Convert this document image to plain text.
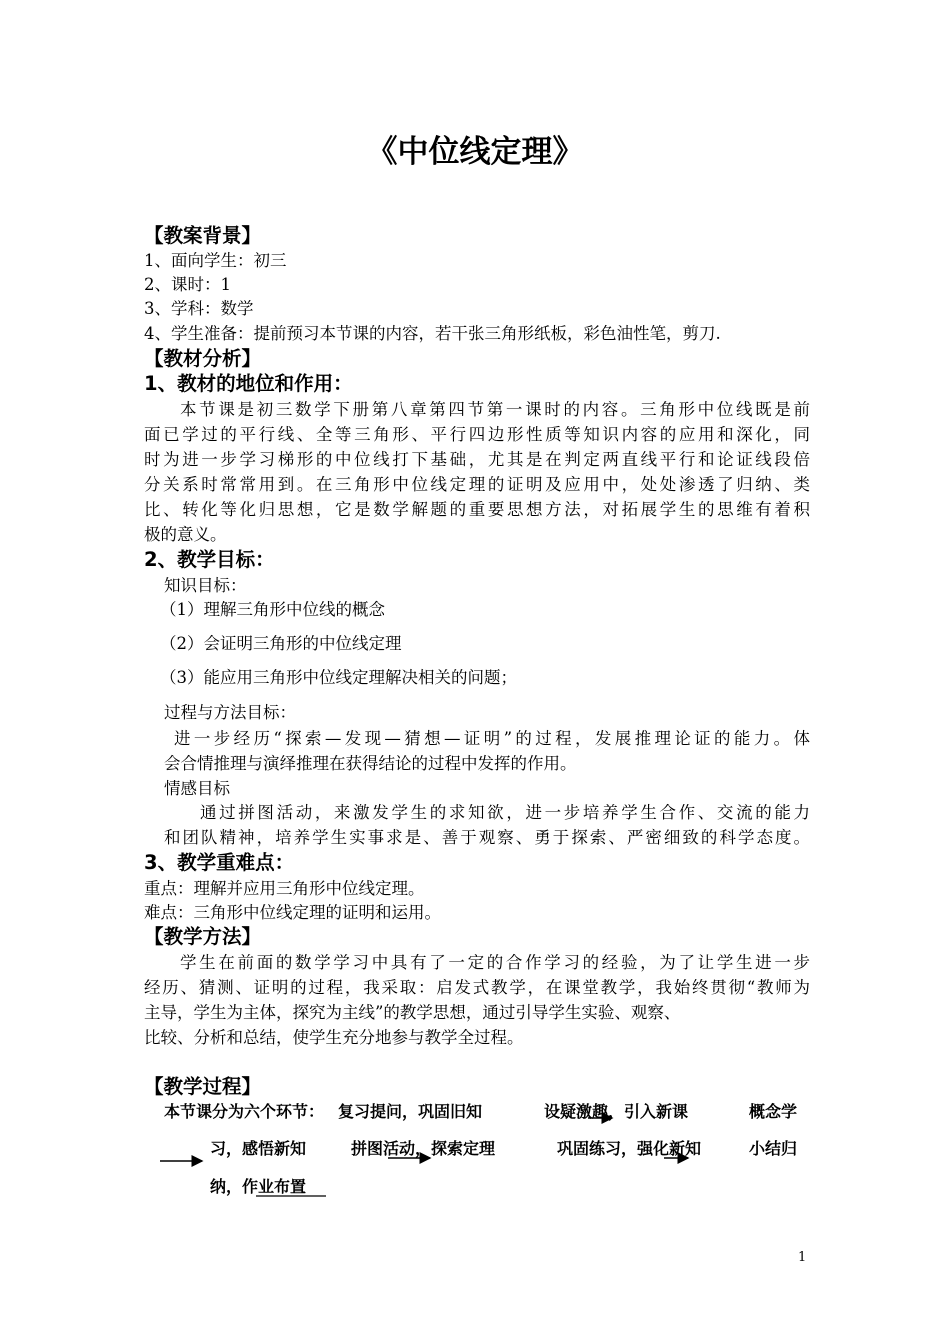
《中位线定理》
【教案背景】
1、面向学生：初三
2、课时：1
3、学科：数学
4、学生准备：提前预习本节课的内容，若干张三角形纸板，彩色油性笔，剪刀.
【教材分析】
1、教材的地位和作用：
本节课是初三数学下册第八章第四节第一课时的内容。三角形中位线既是前
面已学过的平行线、全等三角形、平行四边形性质等知识内容的应用和深化，同
时为进一步学习梯形的中位线打下基础，尤其是在判定两直线平行和论证线段倍
分关系时常常用到。在三角形中位线定理的证明及应用中，处处渗透了归纳、类
比、转化等化归思想，它是数学解题的重要思想方法，对拓展学生的思维有着积
极的意义。
2、教学目标：
知识目标：
（1）理解三角形中位线的概念
（2）会证明三角形的中位线定理
（3）能应用三角形中位线定理解决相关的问题；
过程与方法目标：
进一步经历“探索—发现—猜想—证明”的过程，发展推理论证的能力。体
会合情推理与演绎推理在获得结论的过程中发挥的作用。
情感目标
通过拼图活动，来激发学生的求知欲，进一步培养学生合作、交流的能力
和团队精神，培养学生实事求是、善于观察、勇于探索、严密细致的科学态度。
3、教学重难点：
重点：理解并应用三角形中位线定理。
难点：三角形中位线定理的证明和运用。
【教学方法】
学生在前面的数学学习中具有了一定的合作学习的经验，为了让学生进一步
经历、猜测、证明的过程，我采取：启发式教学，在课堂教学，我始终贯彻“教师为
主导，学生为主体，探究为主线”的教学思想，通过引导学生实验、观察、
比较、分析和总结，使学生充分地参与教学全过程。
【教学过程】
本节课分为六个环节： 复习提问，巩固旧知	设疑激趣，引入新课	概念学
习，感悟新知	拼图活动，探索定理	巩固练习，强化新知	小结归
纳，作业布置
1
